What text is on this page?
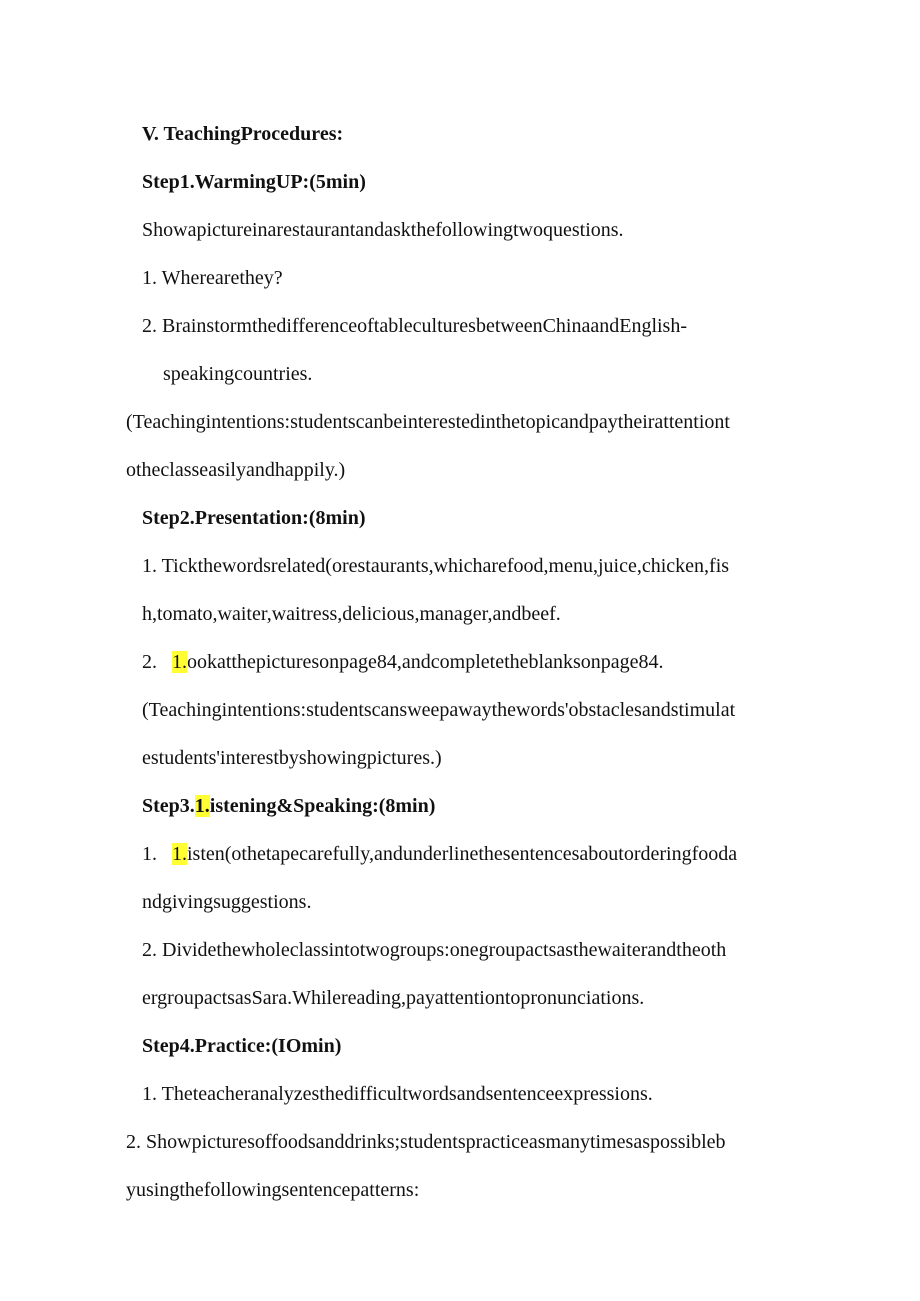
V. TeachingProcedures:
Step1.WarmingUP:(5min)
Showapictureinarestaurantandaskthefollowingtwoquestions.
1. Wherearethey?
2. BrainstormthedifferenceoftableculturesbetweenChinaandEnglish-
speakingcountries.
(Teachingintentions:studentscanbeinterestedinthetopicandpaytheirattentiont
otheclasseasilyandhappily.)
Step2.Presentation:(8min)
1. Tickthewordsrelated(orestaurants,whicharefood,menu,juice,chicken,fis
h,tomato,waiter,waitress,delicious,manager,andbeef.
2.   1.ookatthepicturesonpage84,andcompletetheblanksonpage84.
(Teachingintentions:studentscansweepawaythewords'obstaclesandstimulat
estudents'interestbyshowingpictures.)
Step3.1.istening&Speaking:(8min)
1.   1.isten(othetapecarefully,andunderlinethesentencesaboutorderingfooda
ndgivingsuggestions.
2. Dividethewholeclassintotwogroups:onegroupactsasthewaiterandtheoth
ergroupactsasSara.Whilereading,payattentiontopronunciations.
Step4.Practice:(IOmin)
1. Theteacheranalyzesthedifficultwordsandsentenceexpressions.
2. Showpicturesoffoodsanddrinks;studentspracticeasmanytimesaspossibleb
yusingthefollowingsentencepatterns:
